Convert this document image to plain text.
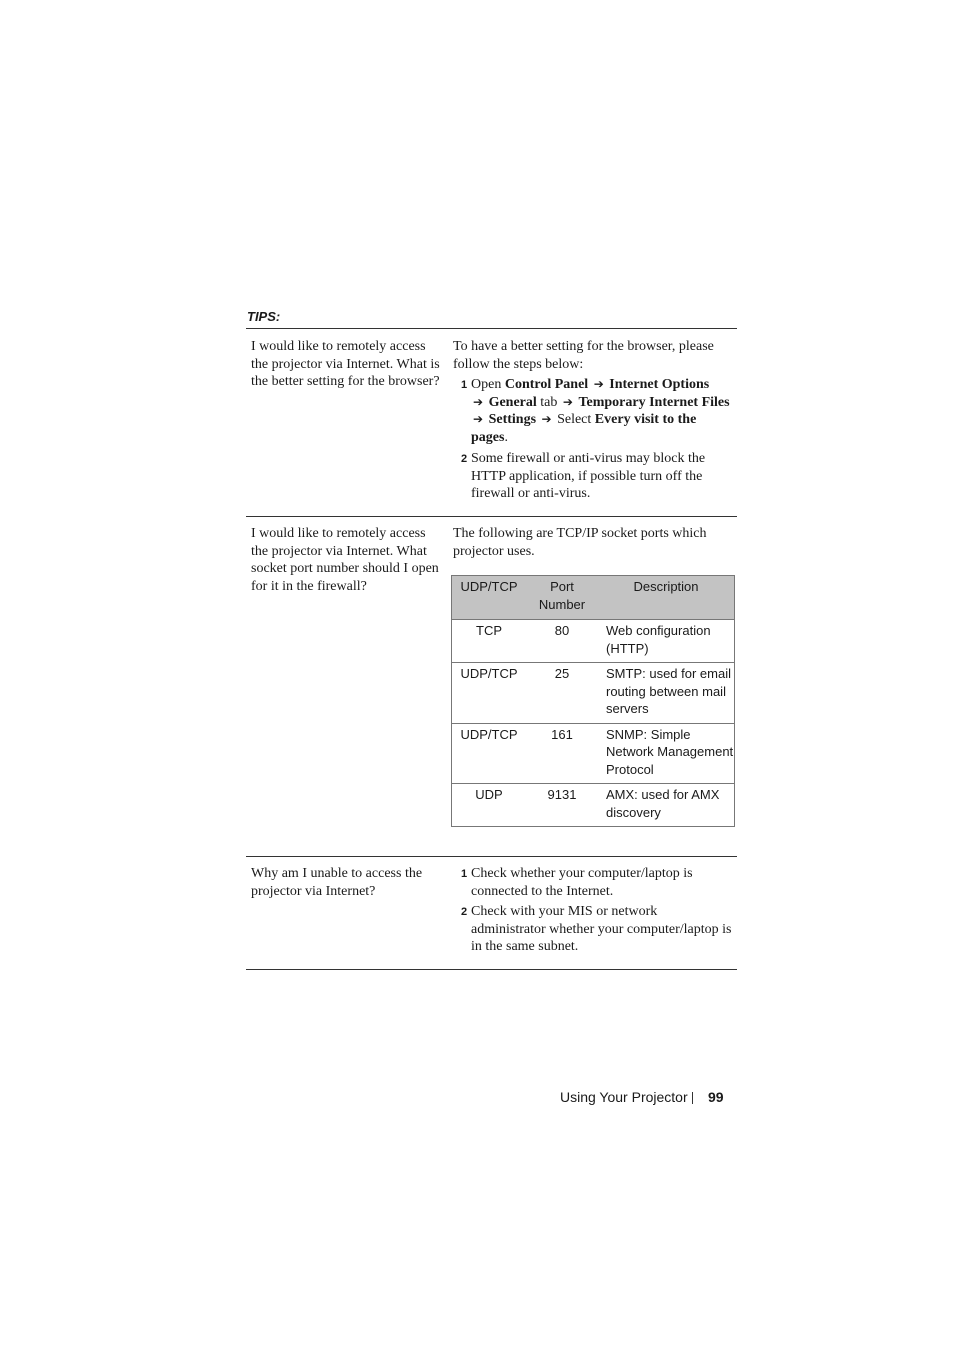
TIPS:
I would like to remotely access the projector via Internet. What is the better setting for the browser?
To have a better setting for the browser, please follow the steps below:
1 Open Control Panel ➔ Internet Options
➔ General tab ➔ Temporary Internet Files ➔ Settings ➔ Select Every visit to the pages.
2 Some firewall or anti-virus may block the HTTP application, if possible turn off the firewall or anti-virus.
I would like to remotely access the projector via Internet. What socket port number should I open for it in the firewall?
The following are TCP/IP socket ports which projector uses.
UDP/TCP	Port Number	Description
TCP	80	Web configuration (HTTP)
UDP/TCP	25	SMTP: used for email routing between mail servers
UDP/TCP	161	SNMP: Simple Network Management Protocol
UDP	9131	AMX: used for AMX discovery
Why am I unable to access the projector via Internet?
1 Check whether your computer/laptop is connected to the Internet.
2 Check with your MIS or network administrator whether your computer/laptop is in the same subnet.
Using Your Projector 99
